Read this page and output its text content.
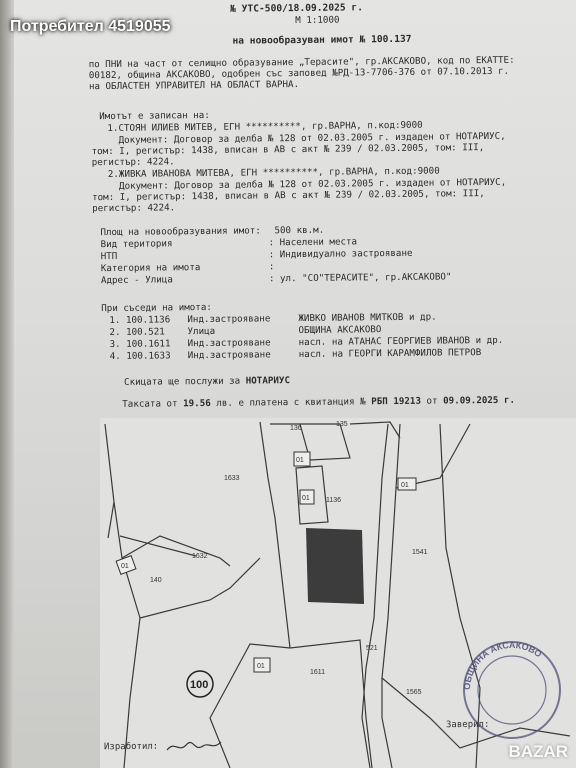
№ УТС-500/18.09.2025 г.
М 1:1000
на новообразуван имот № 100.137
по ПНИ на част от селищно образувание „Терасите", гр.АКСАКОВО, код по ЕКАТТЕ:
00182, община АКСАКОВО, одобрен със заповед №РД-13-7706-376 от 07.10.2013 г.
на ОБЛАСТЕН УПРАВИТЕЛ НА ОБЛАСТ ВАРНА.
Имотът е записан на:
1.СТОЯН ИЛИЕВ МИТЕВ, ЕГН **********, гр.ВАРНА, п.код:9000
Документ: Договор за делба № 128 от 02.03.2005 г. издаден от НОТАРИУС,
том: I, регистър: 1438, вписан в АВ с акт № 239 / 02.03.2005, том: III,
регистър: 4224.
2.ЖИВКА ИВАНОВА МИТЕВА, ЕГН **********, гр.ВАРНА, п.код:9000
Документ: Договор за делба № 128 от 02.03.2005 г. издаден от НОТАРИУС,
том: I, регистър: 1438, вписан в АВ с акт № 239 / 02.03.2005, том: III,
регистър: 4224.
Площ на новообразувания имот: 500 кв.м.
Вид територия	: Населени места
НТП	: Индивидуално застрояване
Категория на имота	:
Адрес - Улица	: ул. "СО"ТЕРАСИТЕ", гр.АКСАКОВО"
При съседи на имота:
1. 100.1136 Инд.застрояване	ЖИВКО ИВАНОВ МИТКОВ и др.
2. 100.521 Улица	ОБЩИНА АКСАКОВО
3. 100.1611 Инд.застрояване	насл. на АТАНАС ГЕОРГИЕВ ИВАНОВ и др.
4. 100.1633 Инд.застрояване	насл. на ГЕОРГИ КАРАМФИЛОВ ПЕТРОВ
Скицата ще послужи за НОТАРИУС
Таксата от 19.56 лв. е платена с квитанция № РБП 19213 от 09.09.2025 г.
136
135
1633
1136
1632
140
1541
1611
521
1565
01
01
01
01
01
100	ОБЩИНА АКСАКОВО
Заверил:
Изработил:
Потребител 4519055
BAZAR
